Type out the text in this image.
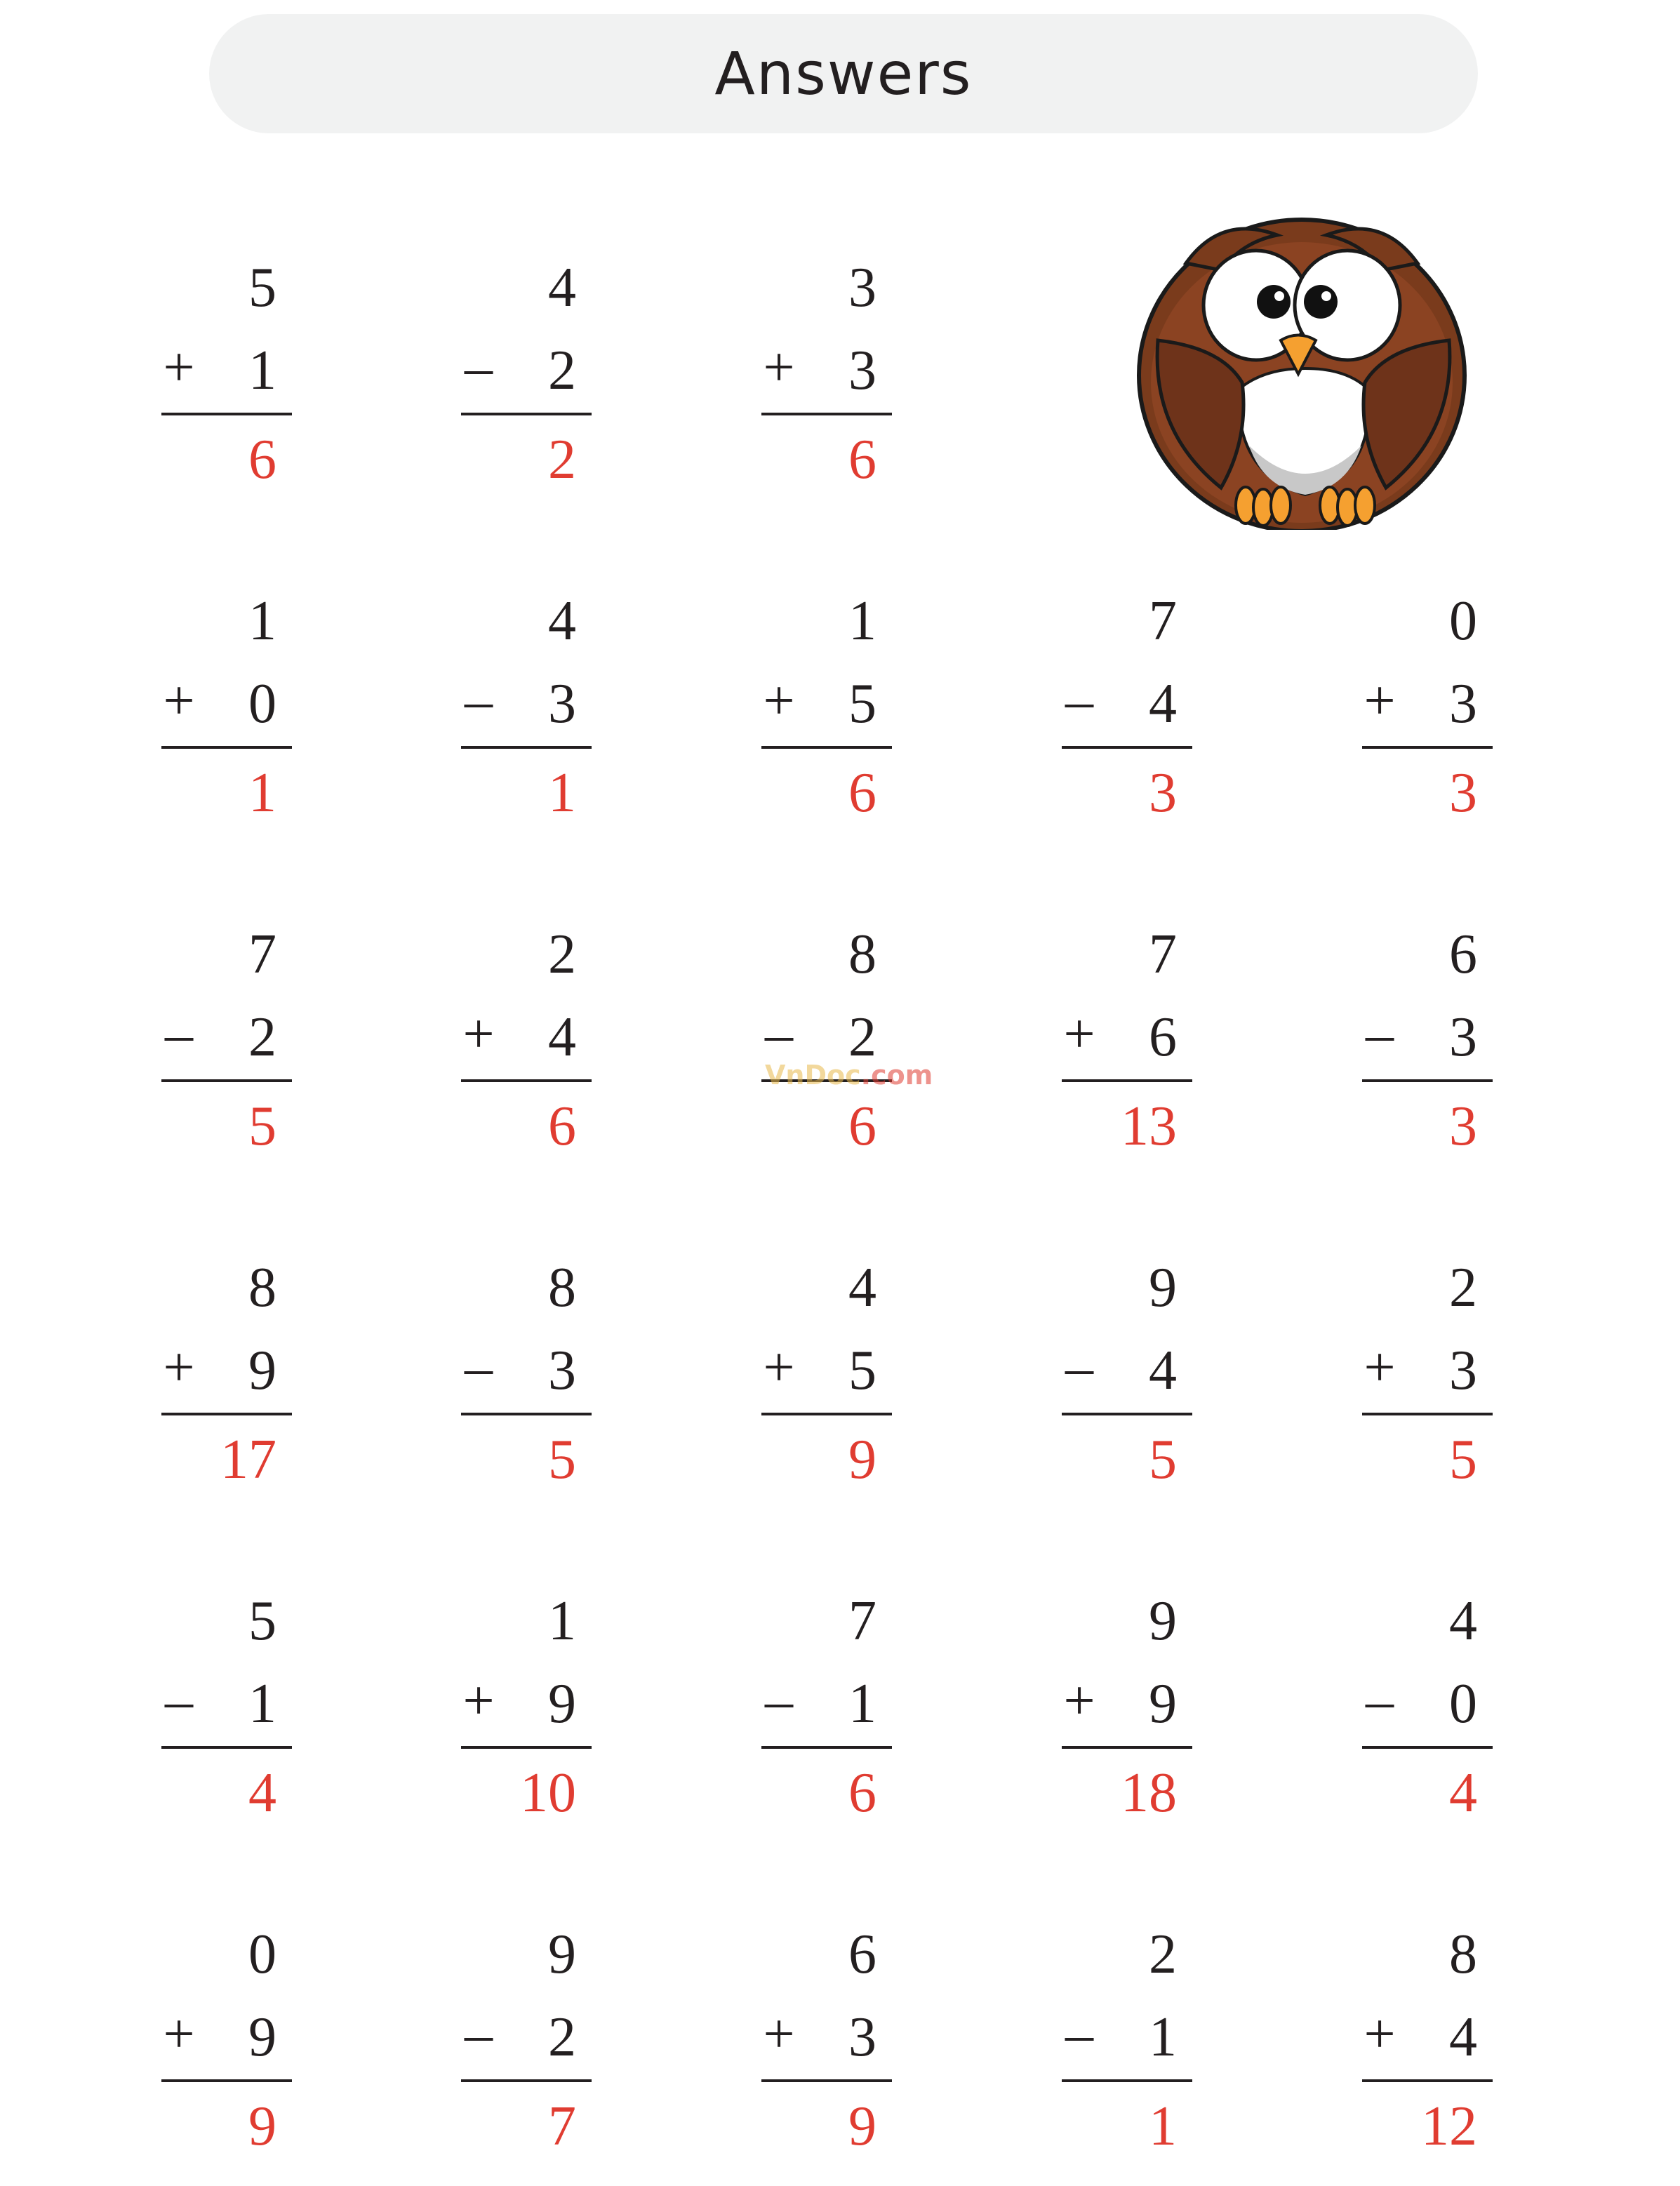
Answers
5
+ 1
6
4
– 2
2
3
+ 3
6
1
+ 0
1
4
– 3
1
1
+ 5
6
7
– 4
3
0
+ 3
3
7
– 2
5
2
+ 4
6
8
– 2
6
7
+ 6
13
6
– 3
3
8
+ 9
17
8
– 3
5
4
+ 5
9
9
– 4
5
2
+ 3
5
5
– 1
4
1
+ 9
10
7
– 1
6
9
+ 9
18
4
– 0
4
0
+ 9
9
9
– 2
7
6
+ 3
9
2
– 1
1
8
+ 4
12
VnDoc.com
